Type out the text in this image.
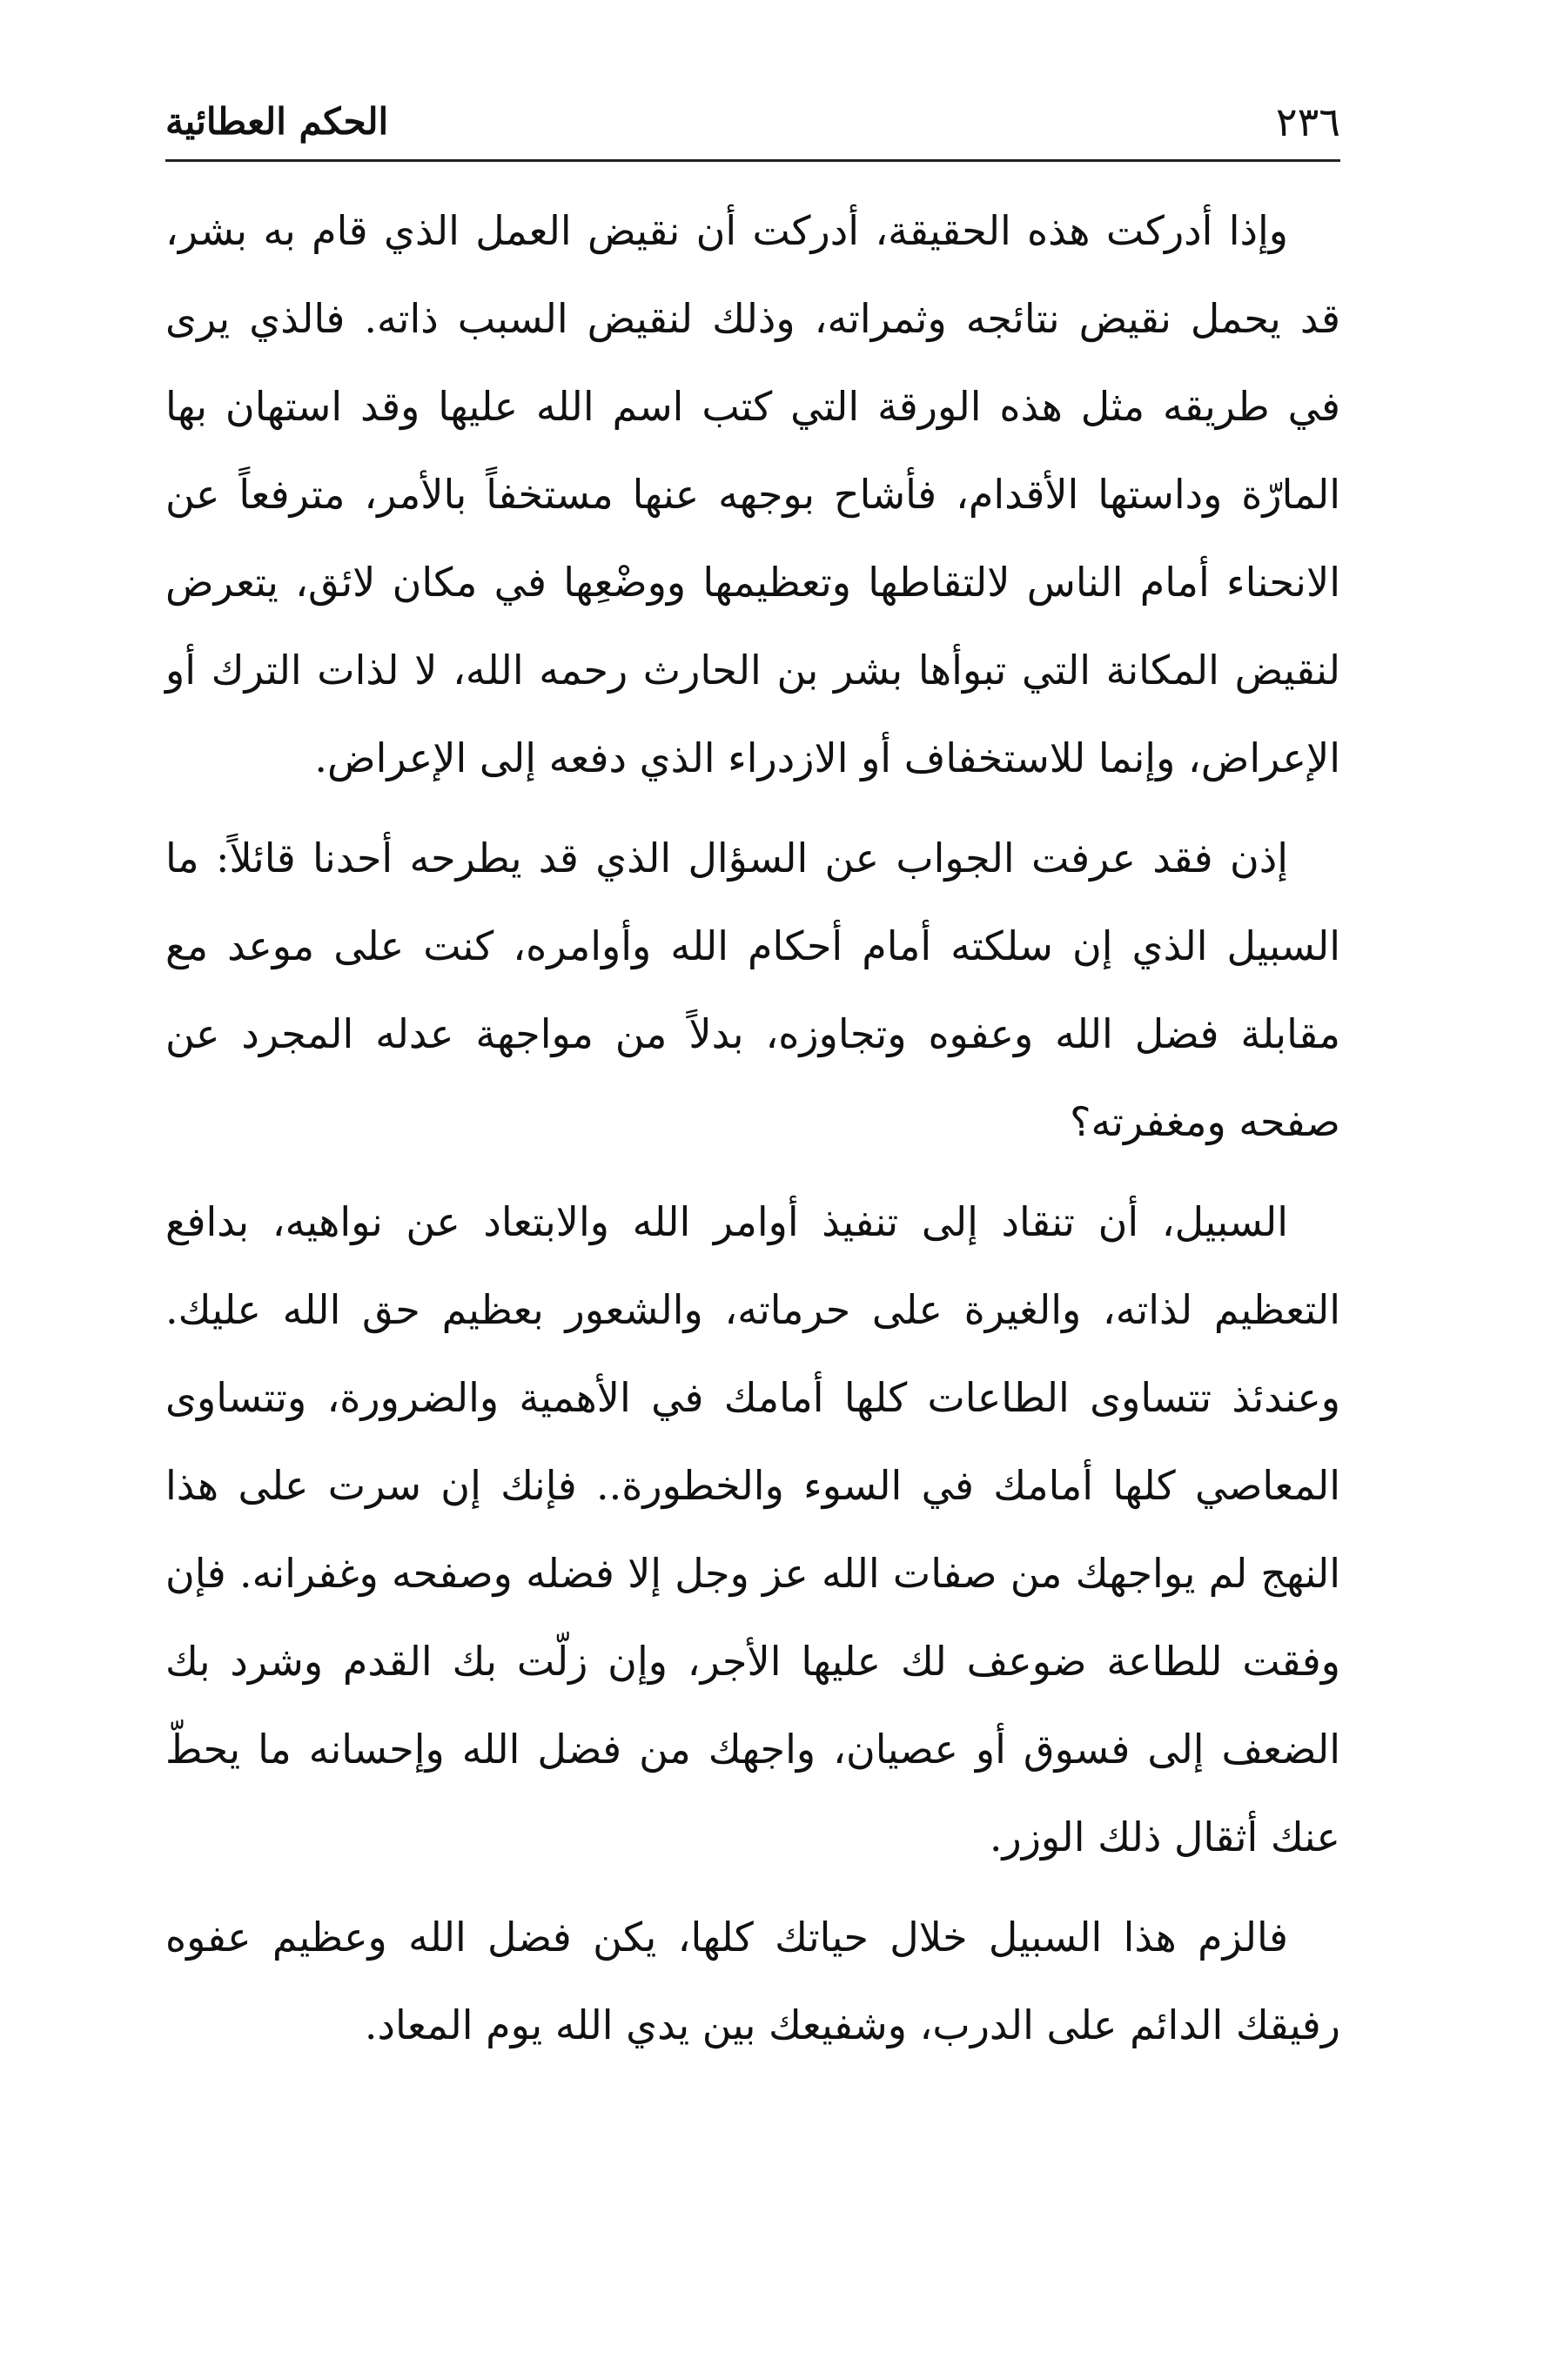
٢٣٦
الحكم العطائية

وإذا أدركت هذه الحقيقة، أدركت أن نقيض العمل الذي قام به بشر، قد يحمل نقيض نتائجه وثمراته، وذلك لنقيض السبب ذاته. فالذي يرى في طريقه مثل هذه الورقة التي كتب اسم الله عليها وقد استهان بها المارّة وداستها الأقدام، فأشاح بوجهه عنها مستخفاً بالأمر، مترفعاً عن الانحناء أمام الناس لالتقاطها وتعظيمها ووضْعِها في مكان لائق، يتعرض لنقيض المكانة التي تبوأها بشر بن الحارث رحمه الله، لا لذات الترك أو الإعراض، وإنما للاستخفاف أو الازدراء الذي دفعه إلى الإعراض.

إذن فقد عرفت الجواب عن السؤال الذي قد يطرحه أحدنا قائلاً: ما السبيل الذي إن سلكته أمام أحكام الله وأوامره، كنت على موعد مع مقابلة فضل الله وعفوه وتجاوزه، بدلاً من مواجهة عدله المجرد عن صفحه ومغفرته؟

السبيل، أن تنقاد إلى تنفيذ أوامر الله والابتعاد عن نواهيه، بدافع التعظيم لذاته، والغيرة على حرماته، والشعور بعظيم حق الله عليك. وعندئذ تتساوى الطاعات كلها أمامك في الأهمية والضرورة، وتتساوى المعاصي كلها أمامك في السوء والخطورة.. فإنك إن سرت على هذا النهج لم يواجهك من صفات الله عز وجل إلا فضله وصفحه وغفرانه. فإن وفقت للطاعة ضوعف لك عليها الأجر، وإن زلّت بك القدم وشرد بك الضعف إلى فسوق أو عصيان، واجهك من فضل الله وإحسانه ما يحطّ عنك أثقال ذلك الوزر.

فالزم هذا السبيل خلال حياتك كلها، يكن فضل الله وعظيم عفوه رفيقك الدائم على الدرب، وشفيعك بين يدي الله يوم المعاد.
